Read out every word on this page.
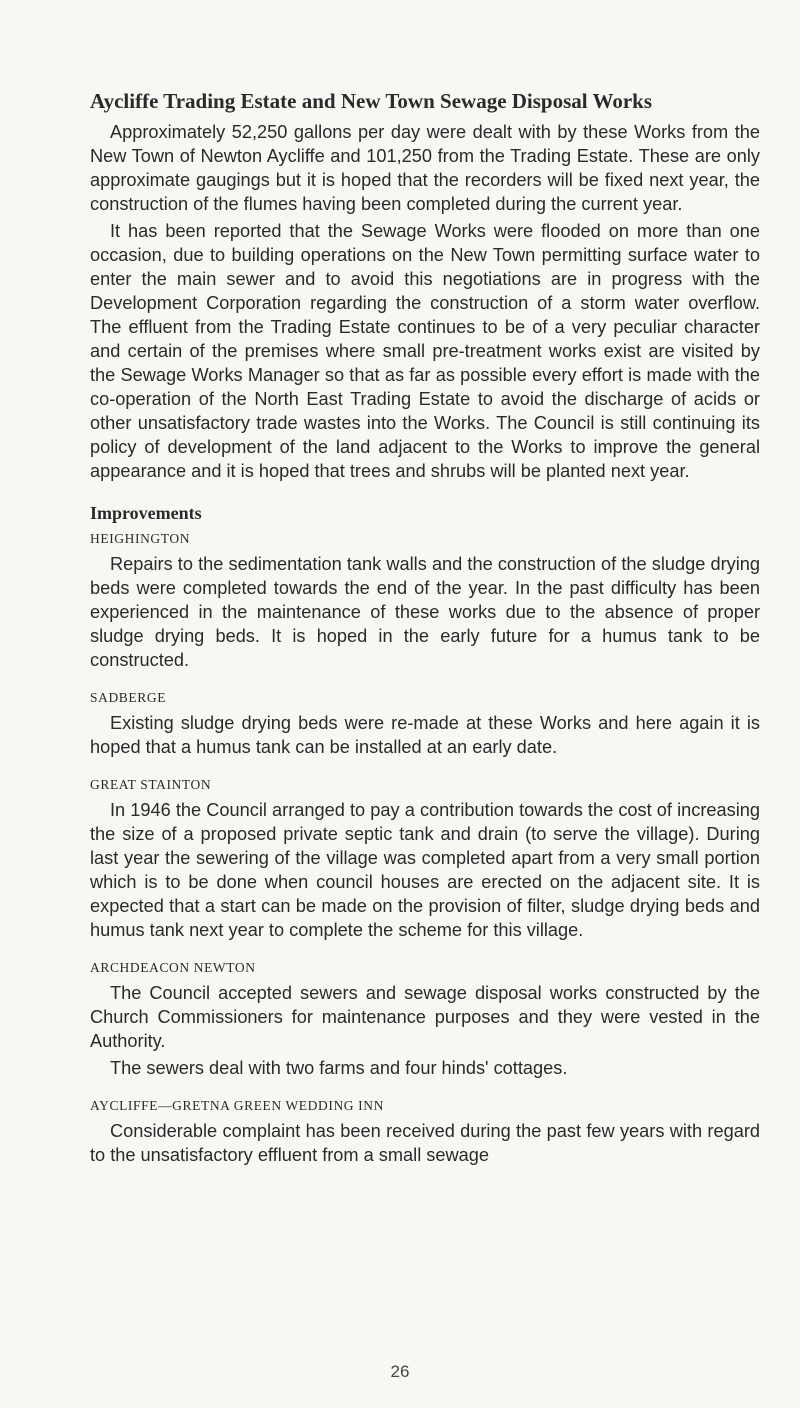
Aycliffe Trading Estate and New Town Sewage Disposal Works

Approximately 52,250 gallons per day were dealt with by these Works from the New Town of Newton Aycliffe and 101,250 from the Trading Estate. These are only approximate gaugings but it is hoped that the recorders will be fixed next year, the construction of the flumes having been completed during the current year.

It has been reported that the Sewage Works were flooded on more than one occasion, due to building operations on the New Town permitting surface water to enter the main sewer and to avoid this negotiations are in progress with the Development Corporation regarding the construction of a storm water overflow. The effluent from the Trading Estate continues to be of a very peculiar character and certain of the premises where small pre-treatment works exist are visited by the Sewage Works Manager so that as far as possible every effort is made with the co-operation of the North East Trading Estate to avoid the discharge of acids or other unsatisfactory trade wastes into the Works. The Council is still continuing its policy of development of the land adjacent to the Works to improve the general appearance and it is hoped that trees and shrubs will be planted next year.

Improvements
HEIGHINGTON

Repairs to the sedimentation tank walls and the construction of the sludge drying beds were completed towards the end of the year. In the past difficulty has been experienced in the maintenance of these works due to the absence of proper sludge drying beds. It is hoped in the early future for a humus tank to be constructed.

SADBERGE

Existing sludge drying beds were re-made at these Works and here again it is hoped that a humus tank can be installed at an early date.

GREAT STAINTON

In 1946 the Council arranged to pay a contribution towards the cost of increasing the size of a proposed private septic tank and drain (to serve the village). During last year the sewering of the village was completed apart from a very small portion which is to be done when council houses are erected on the adjacent site. It is expected that a start can be made on the provision of filter, sludge drying beds and humus tank next year to complete the scheme for this village.

ARCHDEACON NEWTON

The Council accepted sewers and sewage disposal works constructed by the Church Commissioners for maintenance purposes and they were vested in the Authority.

The sewers deal with two farms and four hinds' cottages.

AYCLIFFE—GRETNA GREEN WEDDING INN

Considerable complaint has been received during the past few years with regard to the unsatisfactory effluent from a small sewage

26
